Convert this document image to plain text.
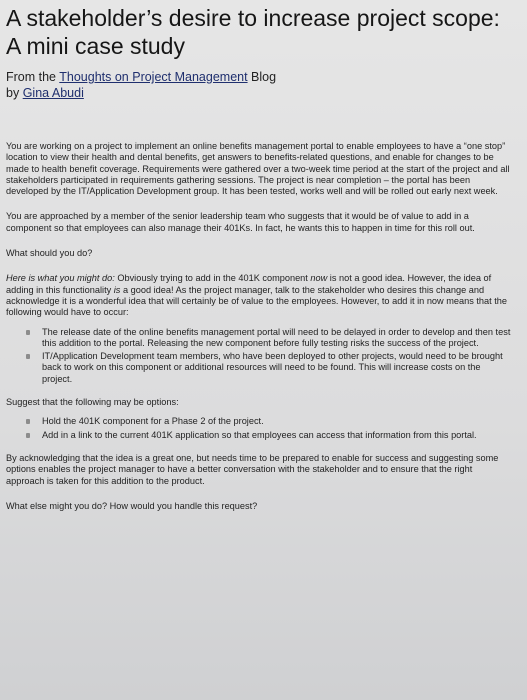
A stakeholder’s desire to increase project scope: A mini case study
From the Thoughts on Project Management Blog
by Gina Abudi

You are working on a project to implement an online benefits management portal to enable employees to have a “one stop” location to view their health and dental benefits, get answers to benefits-related questions, and enable for changes to be made to health benefit coverage. Requirements were gathered over a two-week time period at the start of the project and all stakeholders participated in requirements gathering sessions. The project is near completion – the portal has been developed by the IT/Application Development group. It has been tested, works well and will be rolled out early next week.

You are approached by a member of the senior leadership team who suggests that it would be of value to add in a component so that employees can also manage their 401Ks. In fact, he wants this to happen in time for this roll out.

What should you do?

Here is what you might do: Obviously trying to add in the 401K component now is not a good idea. However, the idea of adding in this functionality is a good idea! As the project manager, talk to the stakeholder who desires this change and acknowledge it is a wonderful idea that will certainly be of value to the employees. However, to add it in now means that the following would have to occur:

The release date of the online benefits management portal will need to be delayed in order to develop and then test this addition to the portal. Releasing the new component before fully testing risks the success of the project.
IT/Application Development team members, who have been deployed to other projects, would need to be brought back to work on this component or additional resources will need to be found. This will increase costs on the project.

Suggest that the following may be options:

Hold the 401K component for a Phase 2 of the project.
Add in a link to the current 401K application so that employees can access that information from this portal.

By acknowledging that the idea is a great one, but needs time to be prepared to enable for success and suggesting some options enables the project manager to have a better conversation with the stakeholder and to ensure that the right approach is taken for this addition to the product.

What else might you do? How would you handle this request?
